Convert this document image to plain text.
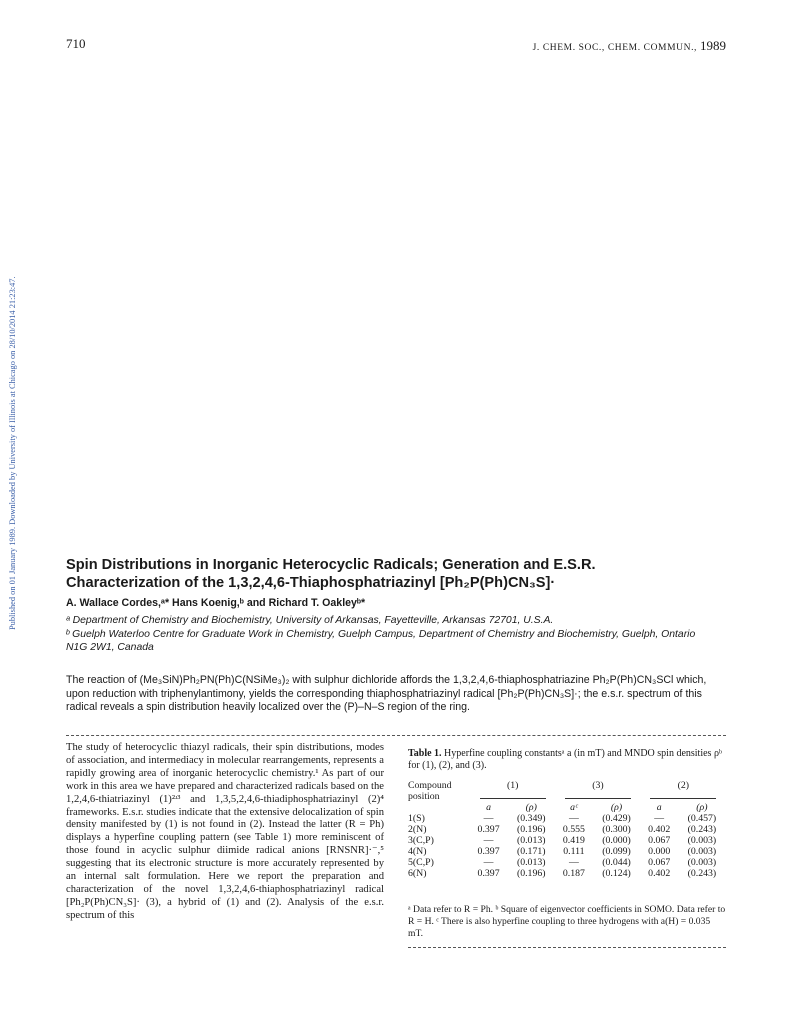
710	J. CHEM. SOC., CHEM. COMMUN., 1989
Published on 01 January 1989. Downloaded by University of Illinois at Chicago on 28/10/2014 21:23:47.	Spin Distributions in Inorganic Heterocyclic Radicals; Generation and E.S.R.
Characterization of the 1,3,2,4,6-Thiaphosphatriazinyl [Ph₂P(Ph)CN₃S]·
A. Wallace Cordes,ᵃ* Hans Koenig,ᵇ and Richard T. Oakleyᵇ*
ᵃ Department of Chemistry and Biochemistry, University of Arkansas, Fayetteville, Arkansas 72701, U.S.A.
ᵇ Guelph Waterloo Centre for Graduate Work in Chemistry, Guelph Campus, Department of Chemistry and Biochemistry, Guelph, Ontario N1G 2W1, Canada
The reaction of (Me₃SiN)Ph₂PN(Ph)C(NSiMe₃)₂ with sulphur dichloride affords the 1,3,2,4,6-thiaphosphatriazine Ph₂P(Ph)CN₃SCl which, upon reduction with triphenylantimony, yields the corresponding thiaphosphatriazinyl radical [Ph₂P(Ph)CN₃S]·; the e.s.r. spectrum of this radical reveals a spin distribution heavily localized over the (P)–N–S region of the ring.

The study of heterocyclic thiazyl radicals, their spin distributions, modes of association, and intermediacy in molecular rearrangements, represents a rapidly growing area of inorganic heterocyclic chemistry.¹ As part of our work in this area we have prepared and characterized radicals based on the 1,2,4,6-thiatriazinyl (1)²ʴ³ and 1,3,5,2,4,6-thiadiphosphatriazinyl (2)⁴ frameworks. E.s.r. studies indicate that the extensive delocalization of spin density manifested by (1) is not found in (2). Instead the latter (R = Ph) displays a hyperfine coupling pattern (see Table 1) more reminiscent of those found in acyclic sulphur diimide radical anions [RNSNR]·⁻,⁵ suggesting that its electronic structure is more accurately represented by an internal salt formulation. Here we report the preparation and characterization of the novel 1,3,2,4,6-thiaphosphatriazinyl radical [Ph₂P(Ph)CN₃S]· (3), a hybrid of (1) and (2). Analysis of the e.s.r. spectrum of this

Table 1. Hyperfine coupling constantsᵃ a (in mT) and MNDO spin densities ρᵇ for (1), (2), and (3).
Compound	(1)		(3)		(2)	
position						
	a	(ρ)	aᶜ	(ρ)	a	(ρ)
1(S)	—	(0.349)	—	(0.429)	—	(0.457)
2(N)	0.397	(0.196)	0.555	(0.300)	0.402	(0.243)
3(C,P)	—	(0.013)	0.419	(0.000)	0.067	(0.003)
4(N)	0.397	(0.171)	0.111	(0.099)	0.000	(0.003)
5(C,P)	—	(0.013)	—	(0.044)	0.067	(0.003)
6(N)	0.397	(0.196)	0.187	(0.124)	0.402	(0.243)
ᵃ Data refer to R = Ph. ᵇ Square of eigenvector coefficients in SOMO. Data refer to R = H. ᶜ There is also hyperfine coupling to three hydrogens with a(H) = 0.035 mT.
